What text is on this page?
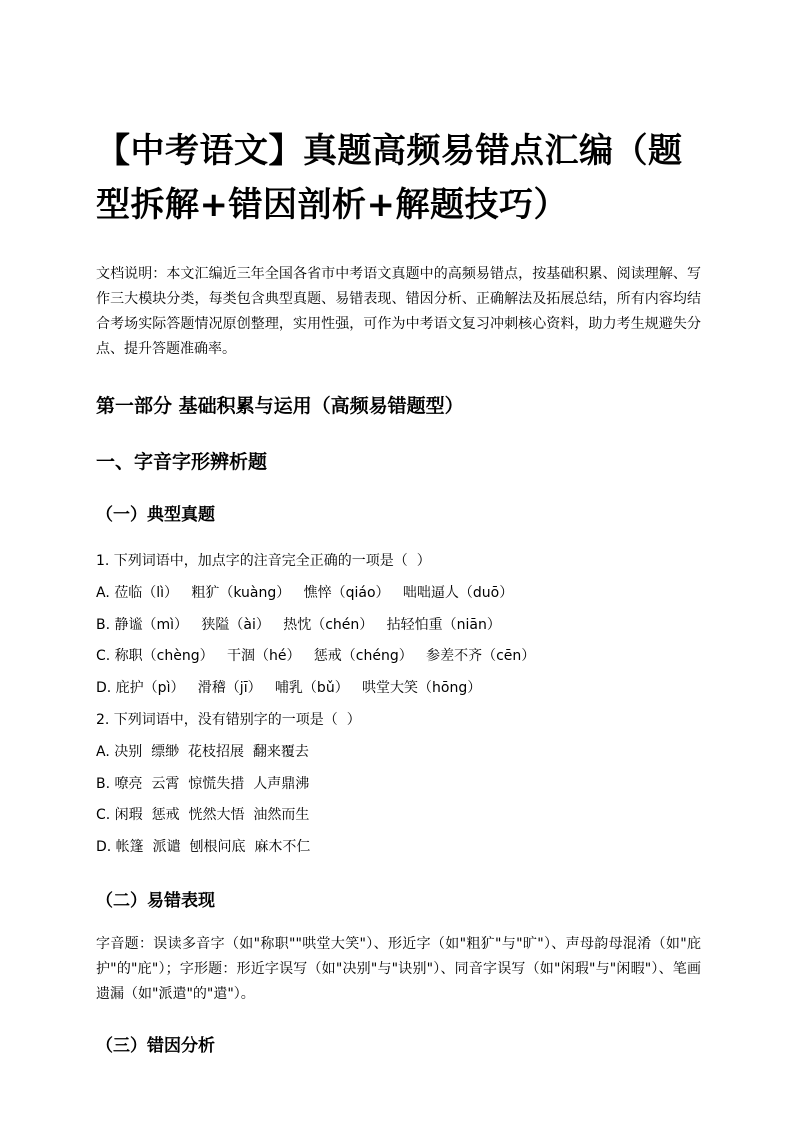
【中考语文】真题高频易错点汇编（题型拆解+错因剖析+解题技巧）

文档说明：本文汇编近三年全国各省市中考语文真题中的高频易错点，按基础积累、阅读理解、写作三大模块分类，每类包含典型真题、易错表现、错因分析、正确解法及拓展总结，所有内容均结合考场实际答题情况原创整理，实用性强，可作为中考语文复习冲刺核心资料，助力考生规避失分点、提升答题准确率。

第一部分 基础积累与运用（高频易错题型）
一、字音字形辨析题
（一）典型真题
1. 下列词语中，加点字的注音完全正确的一项是（  ）
A. 莅临（lì）   粗犷（kuàng）   憔悴（qiáo）   咄咄逼人（duō）
B. 静谧（mì）   狭隘（ài）   热忱（chén）   拈轻怕重（niān）
C. 称职（chèng）   干涸（hé）   惩戒（chéng）   参差不齐（cēn）
D. 庇护（pì）   滑稽（jī）   哺乳（bǔ）   哄堂大笑（hōng）
2. 下列词语中，没有错别字的一项是（  ）
A. 决别  缥缈  花枝招展  翻来覆去
B. 嘹亮  云霄  惊慌失措  人声鼎沸
C. 闲瑕  惩戒  恍然大悟  油然而生
D. 帐篷  派谴  刨根问底  麻木不仁
（二）易错表现

字音题：误读多音字（如"称职""哄堂大笑"）、形近字（如"粗犷"与"旷"）、声母韵母混淆（如"庇护"的"庇"）；字形题：形近字误写（如"决别"与"诀别"）、同音字误写（如"闲瑕"与"闲暇"）、笔画遗漏（如"派遣"的"遣"）。

（三）错因分析
